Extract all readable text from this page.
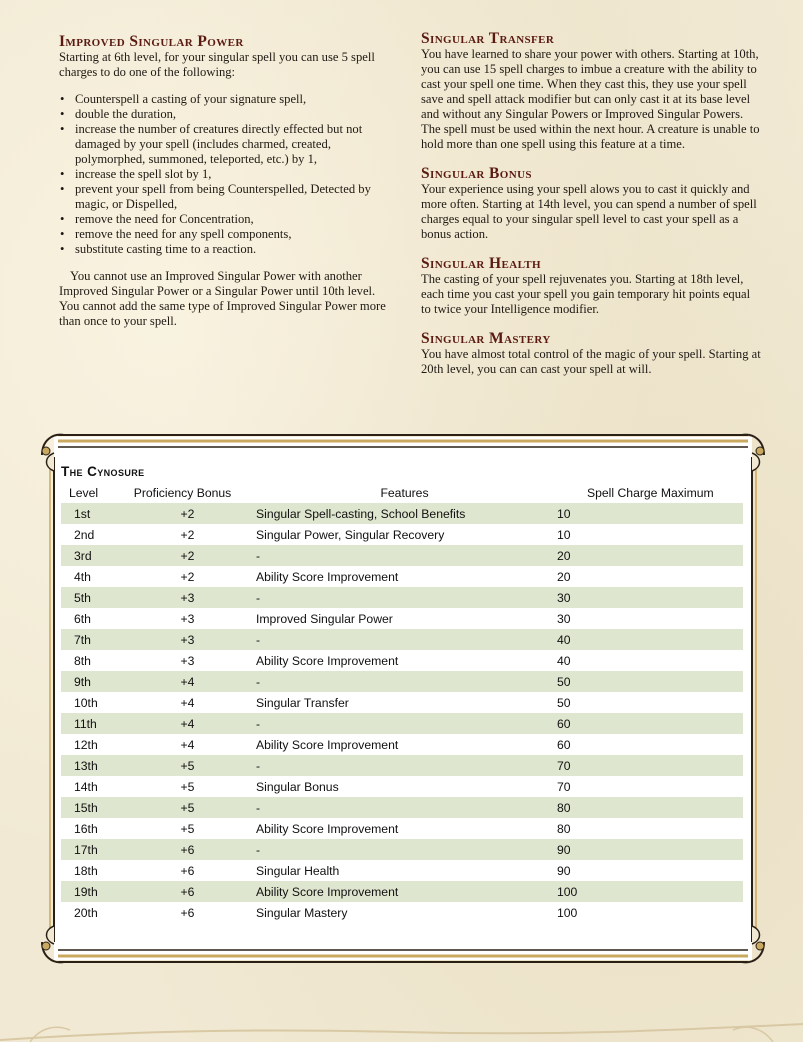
Improved Singular Power

Starting at 6th level, for your singular spell you can use 5 spell charges to do one of the following:

• Counterspell a casting of your signature spell,
• double the duration,
• increase the number of creatures directly effected but not damaged by your spell (includes charmed, created, polymorphed, summoned, teleported, etc.) by 1,
• increase the spell slot by 1,
• prevent your spell from being Counterspelled, Detected by magic, or Dispelled,
• remove the need for Concentration,
• remove the need for any spell components,
• substitute casting time to a reaction.

You cannot use an Improved Singular Power with another Improved Singular Power or a Singular Power until 10th level. You cannot add the same type of Improved Singular Power more than once to your spell.

Singular Transfer

You have learned to share your power with others. Starting at 10th, you can use 15 spell charges to imbue a creature with the ability to cast your spell one time. When they cast this, they use your spell save and spell attack modifier but can only cast it at its base level and without any Singular Powers or Improved Singular Powers. The spell must be used within the next hour. A creature is unable to hold more than one spell using this feature at a time.

Singular Bonus

Your experience using your spell alows you to cast it quickly and more often. Starting at 14th level, you can spend a number of spell charges equal to your singular spell level to cast your spell as a bonus action.

Singular Health

The casting of your spell rejuvenates you. Starting at 18th level, each time you cast your spell you gain temporary hit points equal to twice your Intelligence modifier.

Singular Mastery

You have almost total control of the magic of your spell. Starting at 20th level, you can can cast your spell at will.

The Cynosure
Level	Proficiency Bonus	Features	Spell Charge Maximum
1st	+2	Singular Spell-casting, School Benefits	10
2nd	+2	Singular Power, Singular Recovery	10
3rd	+2	-	20
4th	+2	Ability Score Improvement	20
5th	+3	-	30
6th	+3	Improved Singular Power	30
7th	+3	-	40
8th	+3	Ability Score Improvement	40
9th	+4	-	50
10th	+4	Singular Transfer	50
11th	+4	-	60
12th	+4	Ability Score Improvement	60
13th	+5	-	70
14th	+5	Singular Bonus	70
15th	+5	-	80
16th	+5	Ability Score Improvement	80
17th	+6	-	90
18th	+6	Singular Health	90
19th	+6	Ability Score Improvement	100
20th	+6	Singular Mastery	100
